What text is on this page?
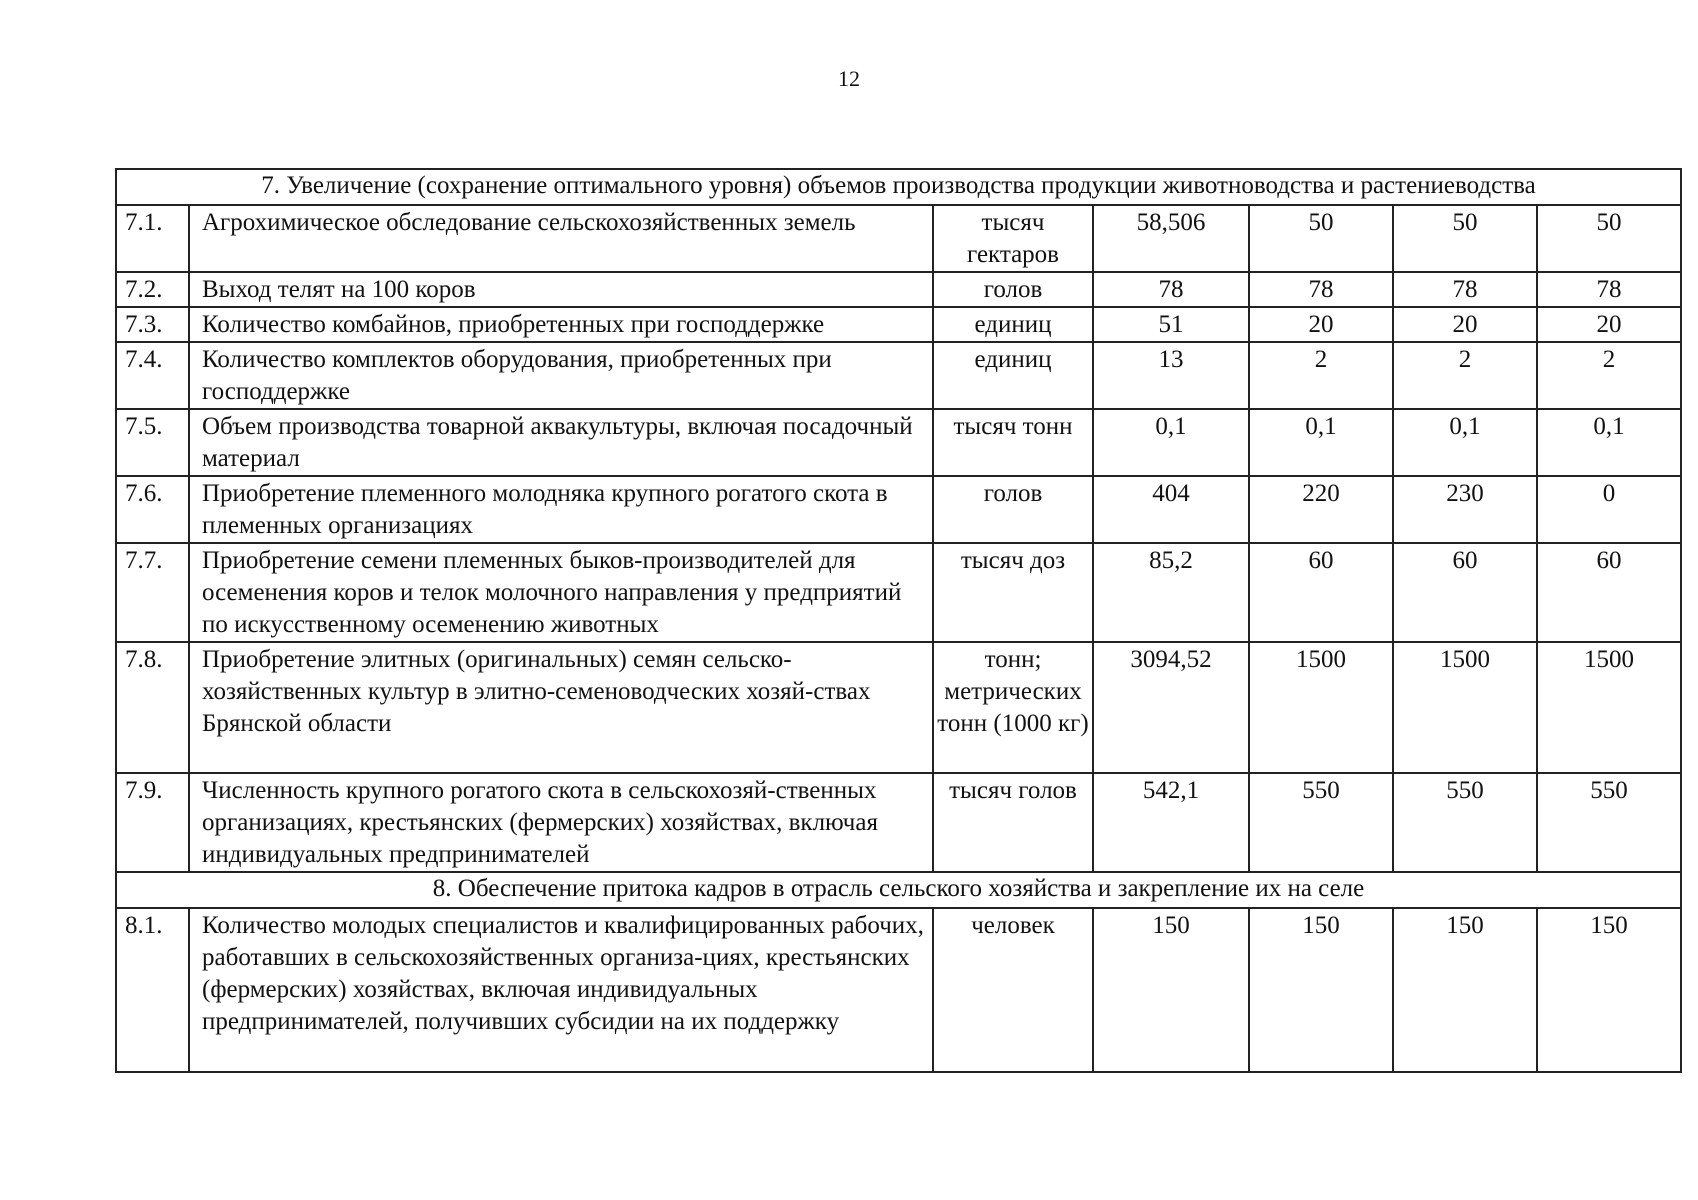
12
7. Увеличение (сохранение оптимального уровня) объемов производства продукции животноводства и растениеводства						
7.1.	Агрохимическое обследование сельскохозяйственных земель	тысяч гектаров	58,506	50	50	50
7.2.	Выход телят на 100 коров	голов	78	78	78	78
7.3.	Количество комбайнов, приобретенных при господдержке	единиц	51	20	20	20
7.4.	Количество комплектов оборудования, приобретенных при господдержке	единиц	13	2	2	2
7.5.	Объем производства товарной аквакультуры, включая посадочный материал	тысяч тонн	0,1	0,1	0,1	0,1
7.6.	Приобретение племенного молодняка крупного рогатого скота в племенных организациях	голов	404	220	230	0
7.7.	Приобретение семени племенных быков-производителей для осеменения коров и телок молочного направления у предприятий по искусственному осеменению животных	тысяч доз	85,2	60	60	60
7.8.	Приобретение элитных (оригинальных) семян сельско-хозяйственных культур в элитно-семеноводческих хозяй-ствах Брянской области	тонн; метрических тонн (1000 кг)	3094,52	1500	1500	1500
7.9.	Численность крупного рогатого скота в сельскохозяй-ственных организациях, крестьянских (фермерских) хозяйствах, включая индивидуальных предпринимателей	тысяч голов	542,1	550	550	550
8. Обеспечение притока кадров в отрасль сельского хозяйства и закрепление их на селе						
8.1.	Количество молодых специалистов и квалифицированных рабочих, работавших в сельскохозяйственных организа-циях, крестьянских (фермерских) хозяйствах, включая индивидуальных предпринимателей, получивших субсидии на их поддержку	человек	150	150	150	150
